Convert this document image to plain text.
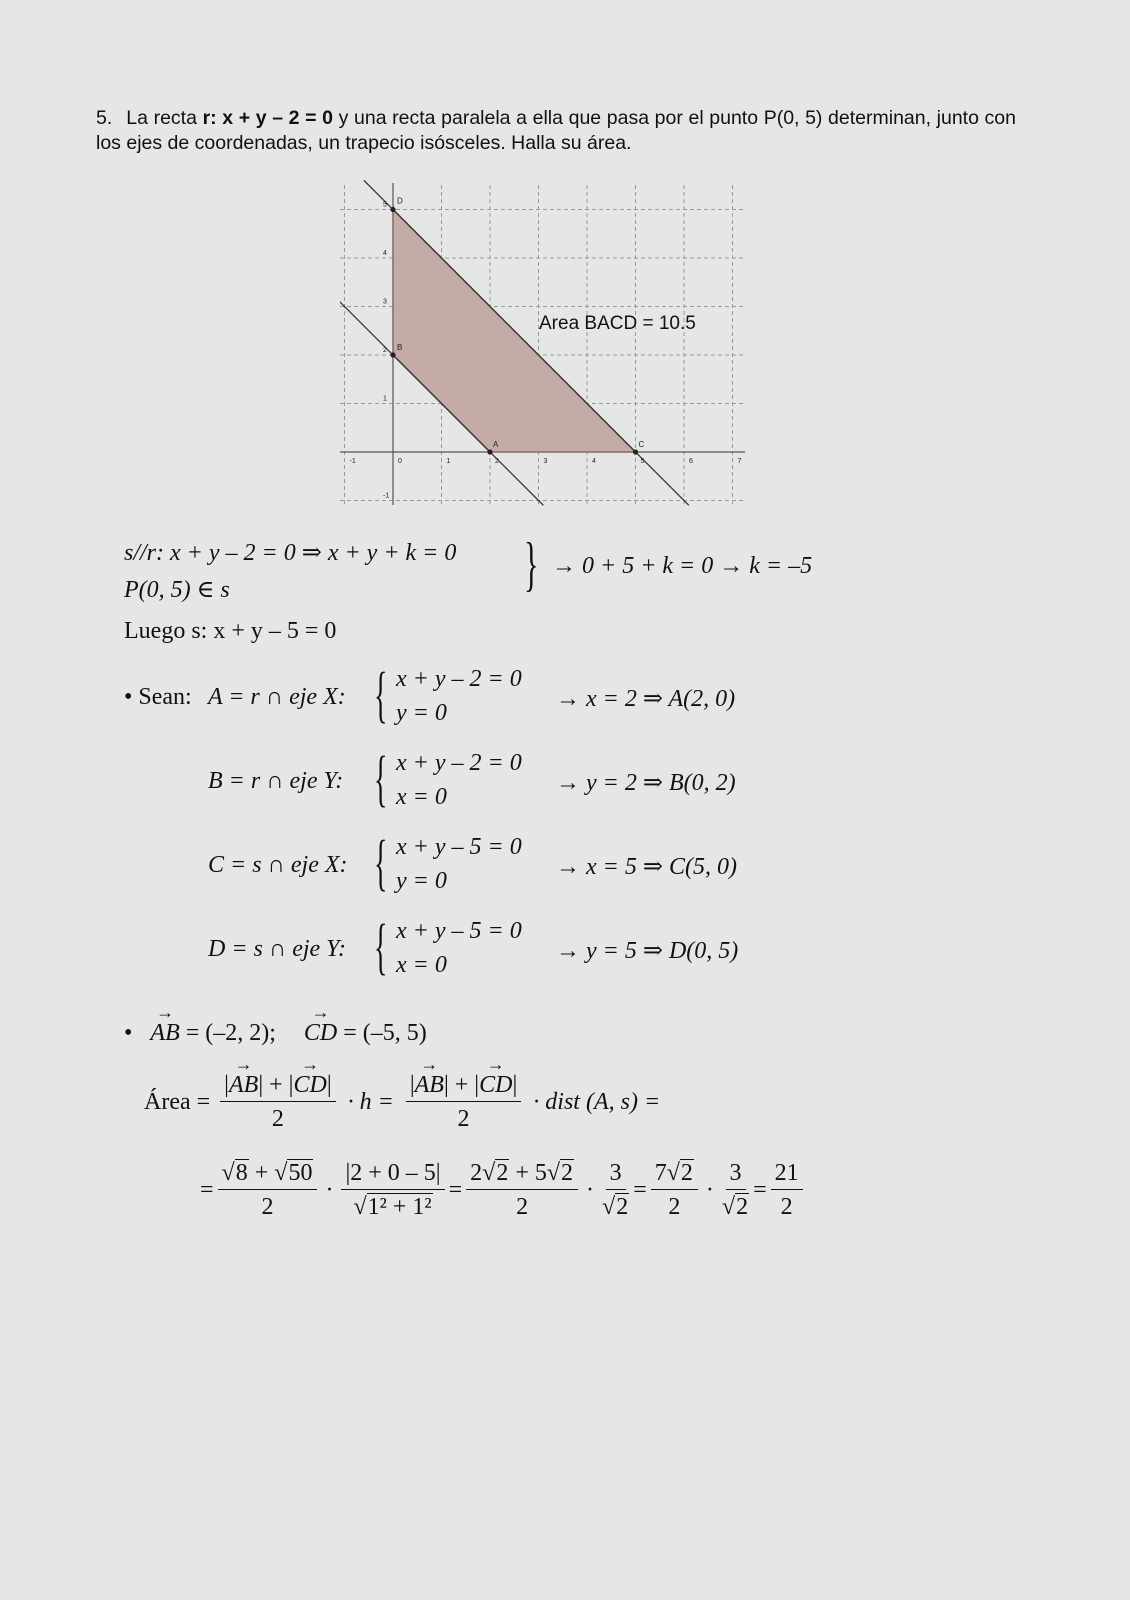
5. La recta r: x + y – 2 = 0 y una recta paralela a ella que pasa por el punto P(0, 5) determinan, junto con los ejes de coordenadas, un trapecio isósceles. Halla su área.
-1	0	1	2	3	4	5	6	7
-1
1
2
3
4
5 D
B
A	C
Area BACD = 10.5
s//r: x + y – 2 = 0 ⇒ x + y + k = 0
P(0, 5) ∈ s	} → 0 + 5 + k = 0 → k = –5
Luego s: x + y – 5 = 0
• Sean: A = r ∩ eje X: { x + y – 2 = 0
y = 0
→ x = 2 ⇒ A(2, 0)
B = r ∩ eje Y: { x + y – 2 = 0
x = 0
→ y = 2 ⇒ B(0, 2)
C = s ∩ eje X: { x + y – 5 = 0
y = 0
→ x = 5 ⇒ C(5, 0)
D = s ∩ eje Y: { x + y – 5 = 0
x = 0
→ y = 5 ⇒ D(0, 5)
• → AB = (–2, 2); → CD = (–5, 5)
Área = $\frac{|\to AB| + |\to CD|}{2} \cdot h = \frac{|\to AB| + |\to CD|}{2}$ · dist (A, s) =
= $\frac{√8 + √50}{2} \cdot \frac{|2 + 0 - 5|}{\text{√1² + 1²}} = \frac{2√2 + 5√2}{2} \cdot \frac{3}{√2} = \frac{7√2}{2} \cdot \frac{3}{√2} = \frac{21}{2}$
